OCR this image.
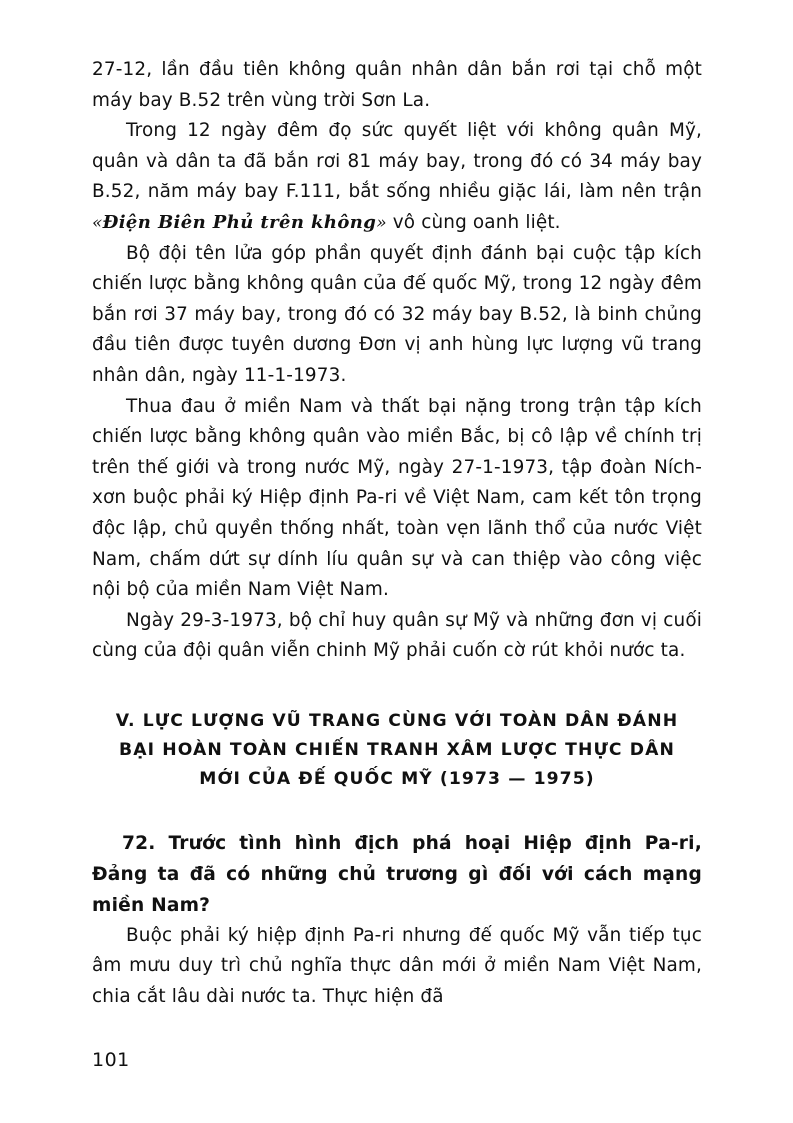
27-12, lần đầu tiên không quân nhân dân bắn rơi tại chỗ một máy bay B.52 trên vùng trời Sơn La.

Trong 12 ngày đêm đọ sức quyết liệt với không quân Mỹ, quân và dân ta đã bắn rơi 81 máy bay, trong đó có 34 máy bay B.52, năm máy bay F.111, bắt sống nhiều giặc lái, làm nên trận «Điện Biên Phủ trên không» vô cùng oanh liệt.

Bộ đội tên lửa góp phần quyết định đánh bại cuộc tập kích chiến lược bằng không quân của đế quốc Mỹ, trong 12 ngày đêm bắn rơi 37 máy bay, trong đó có 32 máy bay B.52, là binh chủng đầu tiên được tuyên dương Đơn vị anh hùng lực lượng vũ trang nhân dân, ngày 11-1-1973.

Thua đau ở miền Nam và thất bại nặng trong trận tập kích chiến lược bằng không quân vào miền Bắc, bị cô lập về chính trị trên thế giới và trong nước Mỹ, ngày 27-1-1973, tập đoàn Ních-xơn buộc phải ký Hiệp định Pa-ri về Việt Nam, cam kết tôn trọng độc lập, chủ quyền thống nhất, toàn vẹn lãnh thổ của nước Việt Nam, chấm dứt sự dính líu quân sự và can thiệp vào công việc nội bộ của miền Nam Việt Nam.

Ngày 29-3-1973, bộ chỉ huy quân sự Mỹ và những đơn vị cuối cùng của đội quân viễn chinh Mỹ phải cuốn cờ rút khỏi nước ta.

V. LỰC LƯỢNG VŨ TRANG CÙNG VỚI TOÀN DÂN ĐÁNH
BẠI HOÀN TOÀN CHIẾN TRANH XÂM LƯỢC THỰC DÂN
MỚI CỦA ĐẾ QUỐC MỸ (1973 — 1975)

72. Trước tình hình địch phá hoại Hiệp định Pa-ri, Đảng ta đã có những chủ trương gì đối với cách mạng miền Nam?

Buộc phải ký hiệp định Pa-ri nhưng đế quốc Mỹ vẫn tiếp tục âm mưu duy trì chủ nghĩa thực dân mới ở miền Nam Việt Nam, chia cắt lâu dài nước ta. Thực hiện đã

101
